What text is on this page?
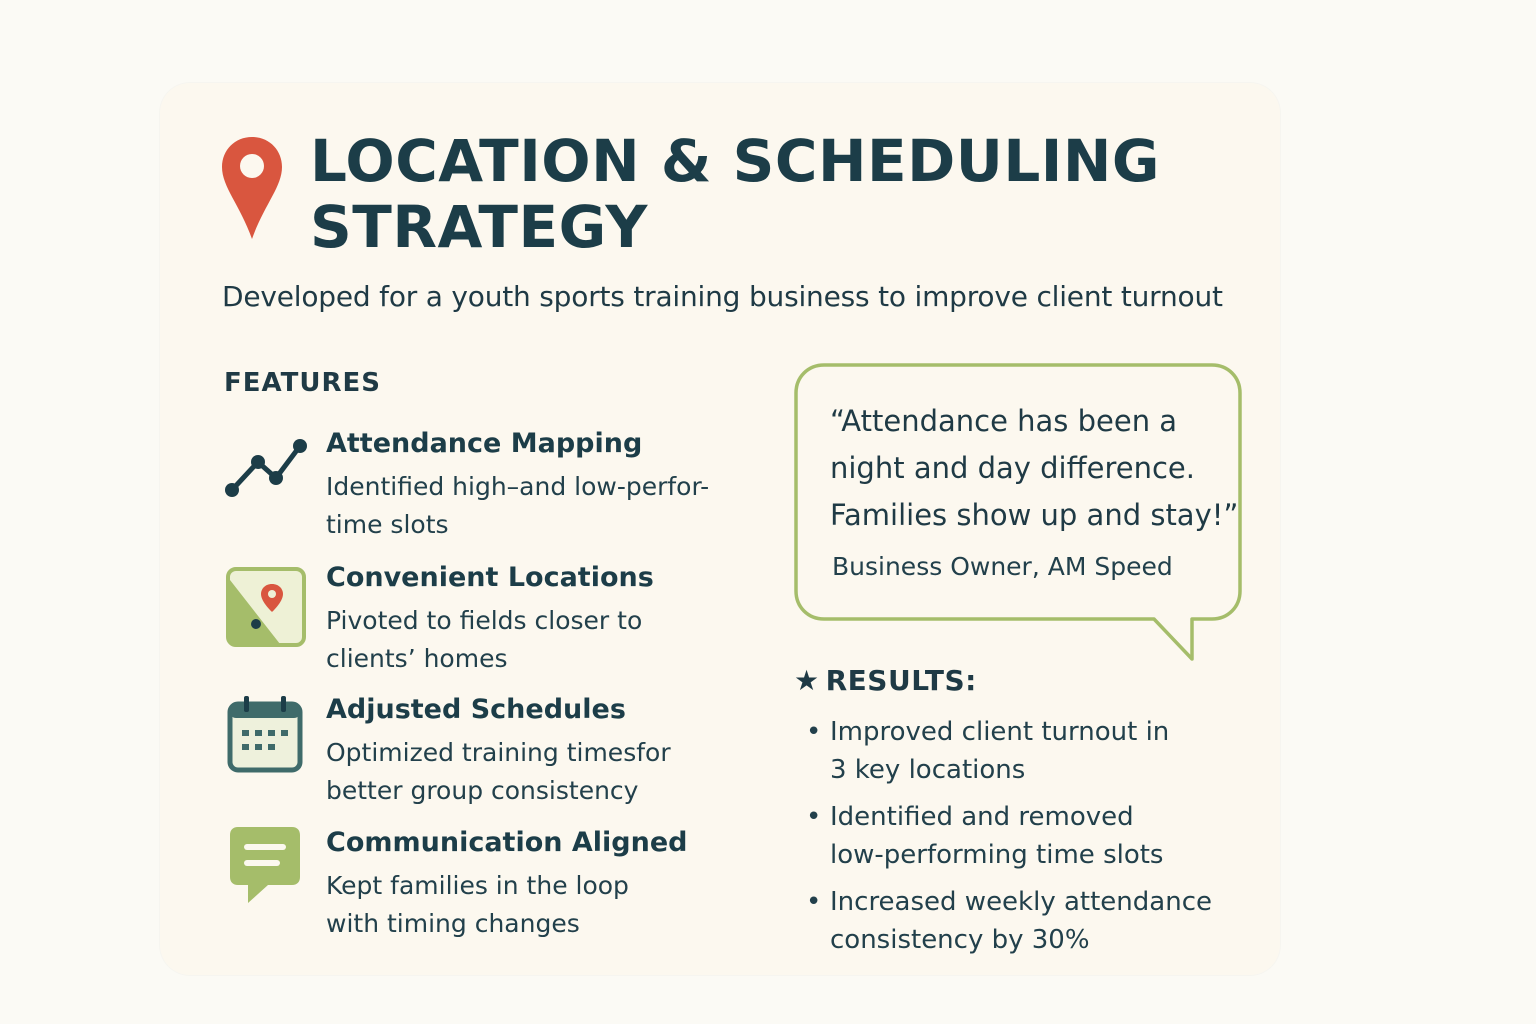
LOCATION & SCHEDULING
STRATEGY
Developed for a youth sports training business to improve client turnout
FEATURES
Attendance Mapping
Identified high–and low-perfor-
time slots
Convenient Locations
Pivoted to fields closer to
clients’ homes
Adjusted Schedules
Optimized training timesfor
better group consistency
Communication Aligned
Kept families in the loop
with timing changes
“Attendance has been a
night and day difference.
Families show up and stay!”
Business Owner, AM Speed
★ RESULTS:
• Improved client turnout in
3 key locations
• Identified and removed
low-performing time slots
• Increased weekly attendance
consistency by 30%
